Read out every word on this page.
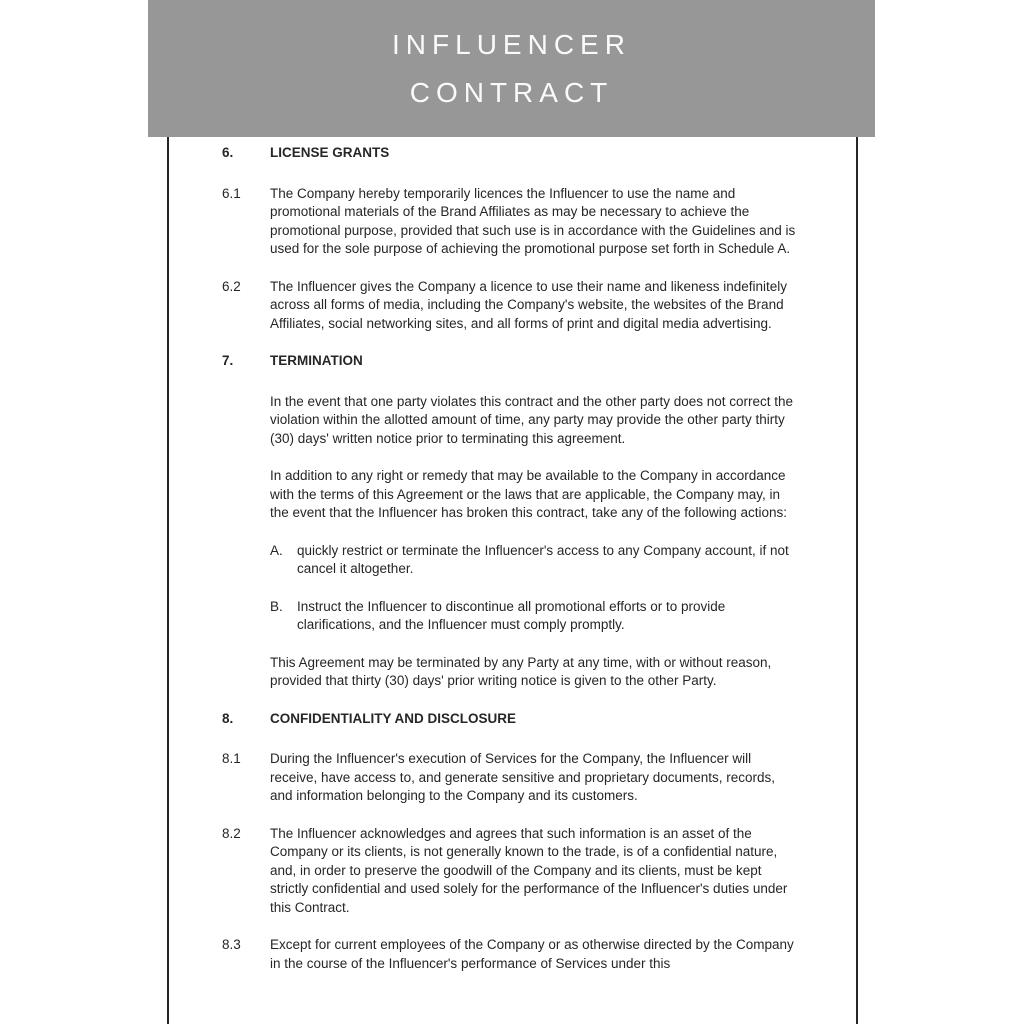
INFLUENCER
CONTRACT
6.	LICENSE GRANTS
6.1	The Company hereby temporarily licences the Influencer to use the name and promotional materials of the Brand Affiliates as may be necessary to achieve the promotional purpose, provided that such use is in accordance with the Guidelines and is used for the sole purpose of achieving the promotional purpose set forth in Schedule A.
6.2	The Influencer gives the Company a licence to use their name and likeness indefinitely across all forms of media, including the Company's website, the websites of the Brand Affiliates, social networking sites, and all forms of print and digital media advertising.
7.	TERMINATION
In the event that one party violates this contract and the other party does not correct the violation within the allotted amount of time, any party may provide the other party thirty (30) days' written notice prior to terminating this agreement.
In addition to any right or remedy that may be available to the Company in accordance with the terms of this Agreement or the laws that are applicable, the Company may, in the event that the Influencer has broken this contract, take any of the following actions:
A.	quickly restrict or terminate the Influencer's access to any Company account, if not cancel it altogether.
B.	Instruct the Influencer to discontinue all promotional efforts or to provide clarifications, and the Influencer must comply promptly.
This Agreement may be terminated by any Party at any time, with or without reason, provided that thirty (30) days' prior writing notice is given to the other Party.
8.	CONFIDENTIALITY AND DISCLOSURE
8.1	During the Influencer's execution of Services for the Company, the Influencer will receive, have access to, and generate sensitive and proprietary documents, records, and information belonging to the Company and its customers.
8.2	The Influencer acknowledges and agrees that such information is an asset of the Company or its clients, is not generally known to the trade, is of a confidential nature, and, in order to preserve the goodwill of the Company and its clients, must be kept strictly confidential and used solely for the performance of the Influencer's duties under this Contract.
8.3	Except for current employees of the Company or as otherwise directed by the Company in the course of the Influencer's performance of Services under this
